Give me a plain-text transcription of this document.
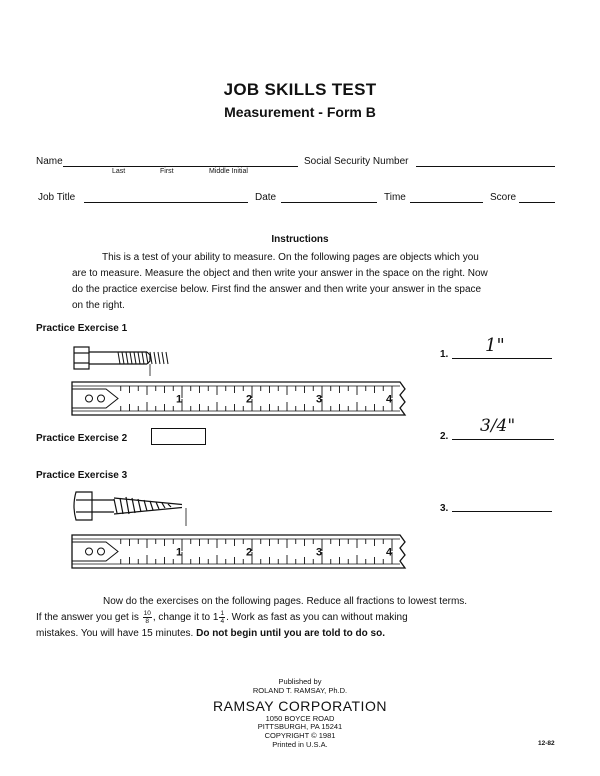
JOB SKILLS TEST
Measurement - Form B
Name
Last	First	Middle Initial
Social Security Number
Job Title	Date	Time	Score
Instructions
This is a test of your ability to measure. On the following pages are objects which you
are to measure. Measure the object and then write your answer in the space on the right. Now
do the practice exercise below. First find the answer and then write your answer in the space
on the right.
Practice Exercise 1
1	2	3	4
1. 1"
Practice Exercise 2	2.
3/4"
Practice Exercise 3
1	2	3	4
3.
Now do the exercises on the following pages. Reduce all fractions to lowest terms.
If the answer you get is $\frac{10}{8}$ , change it to $1 \frac{1}{4}$ . Work as fast as you can without making
mistakes. You will have 15 minutes. Do not begin until you are told to do so.
Published by
ROLAND T. RAMSAY, Ph.D.
RAMSAY CORPORATION
1050 BOYCE ROAD
PITTSBURGH, PA 15241
COPYRIGHT © 1981
Printed in U.S.A.	12-82
